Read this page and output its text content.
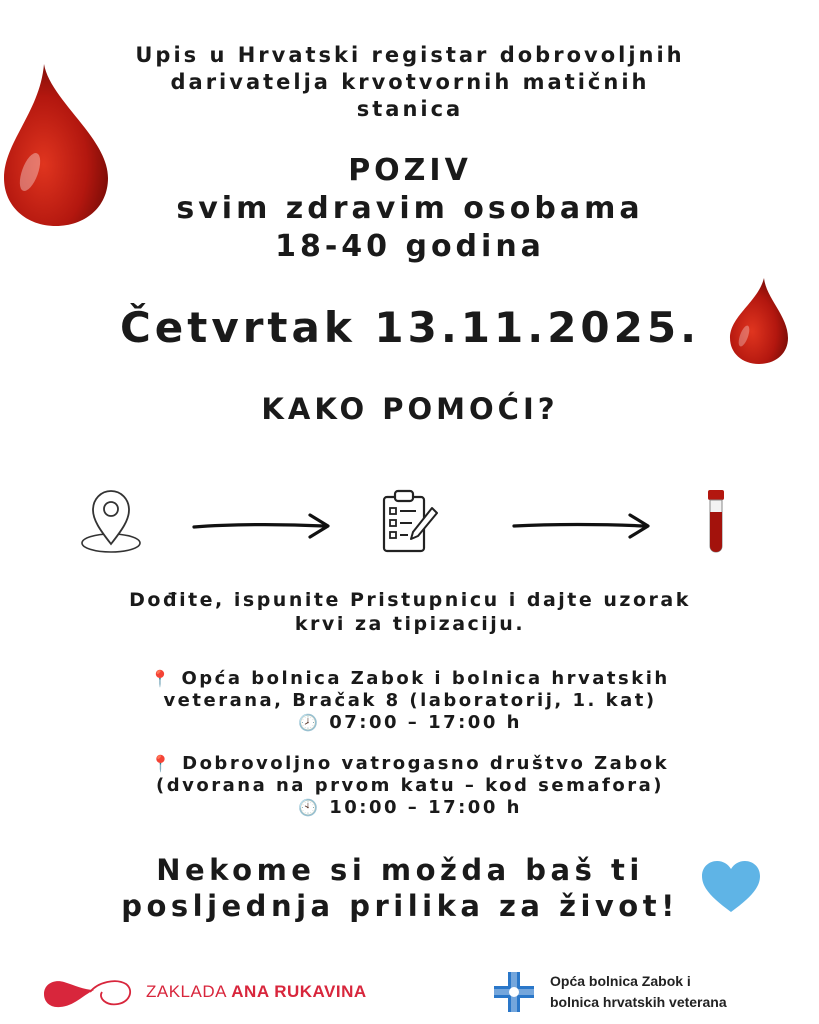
Upis u Hrvatski registar dobrovoljnih
darivatelja krvotvornih matičnih
stanica
POZIV
svim zdravim osobama
18-40 godina
Četvrtak 13.11.2025.
KAKO POMOĆI?
Dođite, ispunite Pristupnicu i dajte uzorak
krvi za tipizaciju.
📍 Opća bolnica Zabok i bolnica hrvatskih
veterana, Bračak 8 (laboratorij, 1. kat)
🕗 07:00 – 17:00 h
📍 Dobrovoljno vatrogasno društvo Zabok
(dvorana na prvom katu – kod semafora)
🕙 10:00 – 17:00 h
Nekome si možda baš ti
posljednja prilika za život!
ZAKLADA ANA RUKAVINA
Opća bolnica Zabok i
bolnica hrvatskih veterana
